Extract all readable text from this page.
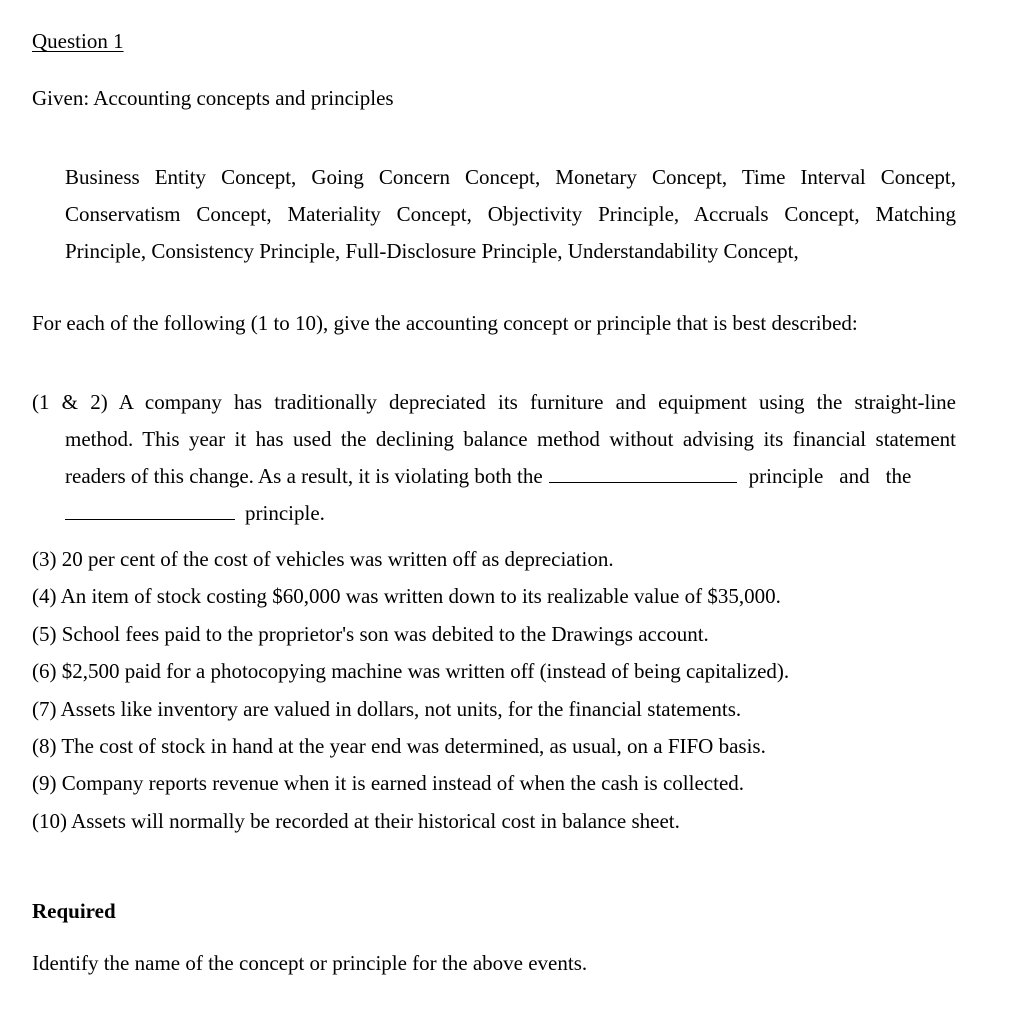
Question 1
Given: Accounting concepts and principles
Business Entity Concept, Going Concern Concept, Monetary Concept, Time Interval Concept, Conservatism Concept, Materiality Concept, Objectivity Principle, Accruals Concept, Matching Principle, Consistency Principle, Full-Disclosure Principle, Understandability Concept,
For each of the following (1 to 10), give the accounting concept or principle that is best described:
(1 & 2) A company has traditionally depreciated its furniture and equipment using the straight-line
method. This year it has used the declining balance method without advising its financial statement
readers of this change. As a result, it is violating both the	principle and the
principle.
(3) 20 per cent of the cost of vehicles was written off as depreciation.
(4) An item of stock costing $60,000 was written down to its realizable value of $35,000.
(5) School fees paid to the proprietor's son was debited to the Drawings account.
(6) $2,500 paid for a photocopying machine was written off (instead of being capitalized).
(7) Assets like inventory are valued in dollars, not units, for the financial statements.
(8) The cost of stock in hand at the year end was determined, as usual, on a FIFO basis.
(9) Company reports revenue when it is earned instead of when the cash is collected.
(10) Assets will normally be recorded at their historical cost in balance sheet.
Required
Identify the name of the concept or principle for the above events.
